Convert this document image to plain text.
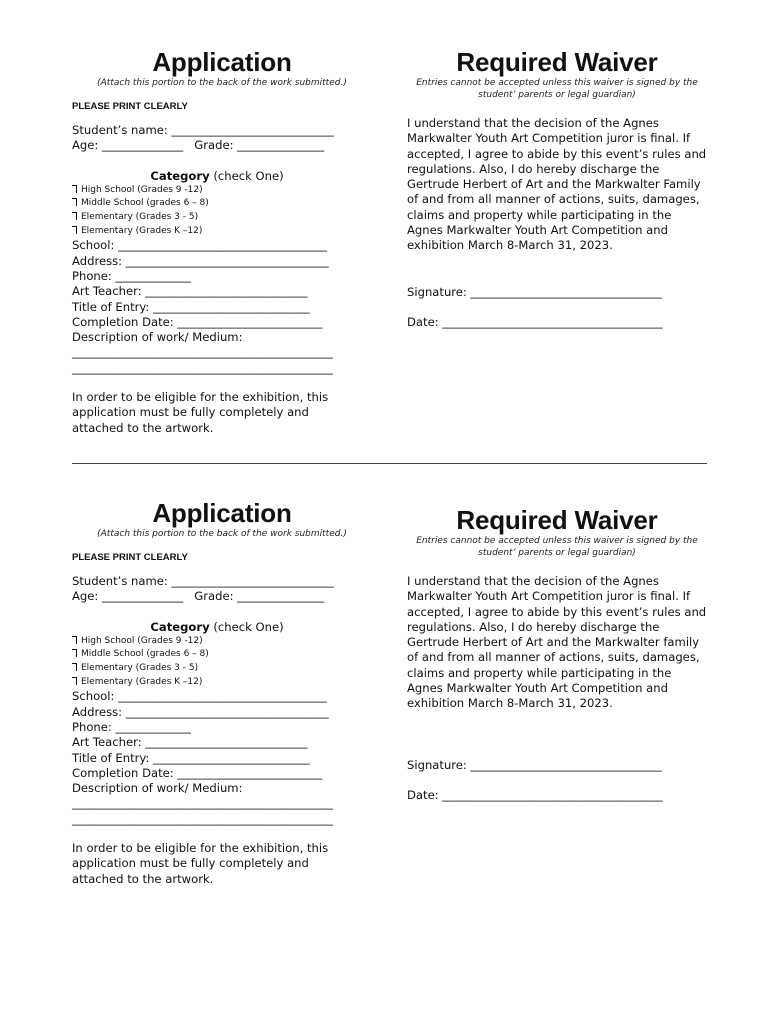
Application
(Attach this portion to the back of the work submitted.)
PLEASE PRINT CLEARLY
Student’s name: ____________________________
Age: ______________   Grade: _______________
Category (check One)
High School (Grades 9 -12)
Middle School (grades 6 – 8)
Elementary (Grades 3 - 5)
Elementary (Grades K –12)
School: ____________________________________
Address: ___________________________________
Phone: _____________
Art Teacher: ____________________________
Title of Entry: ___________________________
Completion Date: _________________________
Description of work/ Medium:
_____________________________________________
_____________________________________________
In order to be eligible for the exhibition, this application must be fully completely and attached to the artwork.
Required Waiver
Entries cannot be accepted unless this waiver is signed by the student’ parents or legal guardian)
I understand that the decision of the Agnes Markwalter Youth Art Competition juror is final. If accepted, I agree to abide by this event’s rules and regulations. Also, I do hereby discharge the Gertrude Herbert of Art and the Markwalter Family of and from all manner of actions, suits, damages, claims and property while participating in the Agnes Markwalter Youth Art Competition and exhibition March 8-March 31, 2023.
Signature: _________________________________
Date: ______________________________________
Application
(Attach this portion to the back of the work submitted.)
PLEASE PRINT CLEARLY
Student’s name: ____________________________
Age: ______________   Grade: _______________
Category (check One)
High School (Grades 9 -12)
Middle School (grades 6 – 8)
Elementary (Grades 3 - 5)
Elementary (Grades K –12)
School: ____________________________________
Address: ___________________________________
Phone: _____________
Art Teacher: ____________________________
Title of Entry: ___________________________
Completion Date: _________________________
Description of work/ Medium:
_____________________________________________
_____________________________________________
In order to be eligible for the exhibition, this application must be fully completely and attached to the artwork.
Required Waiver
Entries cannot be accepted unless this waiver is signed by the student’ parents or legal guardian)
I understand that the decision of the Agnes Markwalter Youth Art Competition juror is final. If accepted, I agree to abide by this event’s rules and regulations. Also, I do hereby discharge the Gertrude Herbert of Art and the Markwalter family of and from all manner of actions, suits, damages, claims and property while participating in the Agnes Markwalter Youth Art Competition and exhibition March 8-March 31, 2023.
Signature: _________________________________
Date: ______________________________________
